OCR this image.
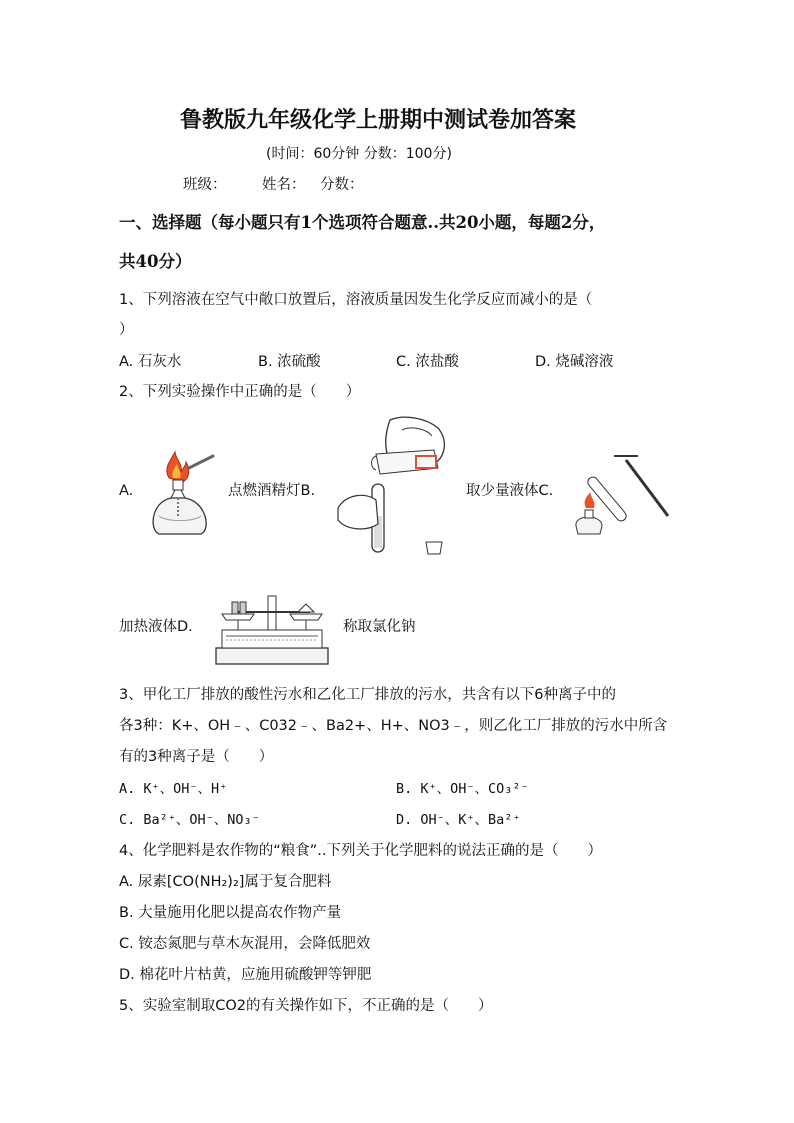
鲁教版九年级化学上册期中测试卷加答案
(时间：60分钟 分数：100分)
班级： 姓名： 分数：
一、选择题（每小题只有1个选项符合题意..共20小题，每题2分，
共40分）
1、下列溶液在空气中敞口放置后，溶液质量因发生化学反应而减小的是（
）
A. 石灰水	B. 浓硫酸	C. 浓盐酸	D. 烧碱溶液
2、下列实验操作中正确的是（　　）
A.	点燃酒精灯B.	取少量液体C.
加热液体D.	称取氯化钠
3、甲化工厂排放的酸性污水和乙化工厂排放的污水，共含有以下6种离子中的
各3种：K+、OH﹣、C032﹣、Ba2+、H+、NO3﹣，则乙化工厂排放的污水中所含
有的3种离子是（　　）
A. K⁺、OH⁻、H⁺	B. K⁺、OH⁻、CO₃²⁻
C. Ba²⁺、OH⁻、NO₃⁻	D. OH⁻、K⁺、Ba²⁺
4、化学肥料是农作物的“粮食”..下列关于化学肥料的说法正确的是（　　）
A. 尿素[CO(NH₂)₂]属于复合肥料
B. 大量施用化肥以提高农作物产量
C. 铵态氮肥与草木灰混用，会降低肥效
D. 棉花叶片枯黄，应施用硫酸钾等钾肥
5、实验室制取CO2的有关操作如下，不正确的是（　　）
